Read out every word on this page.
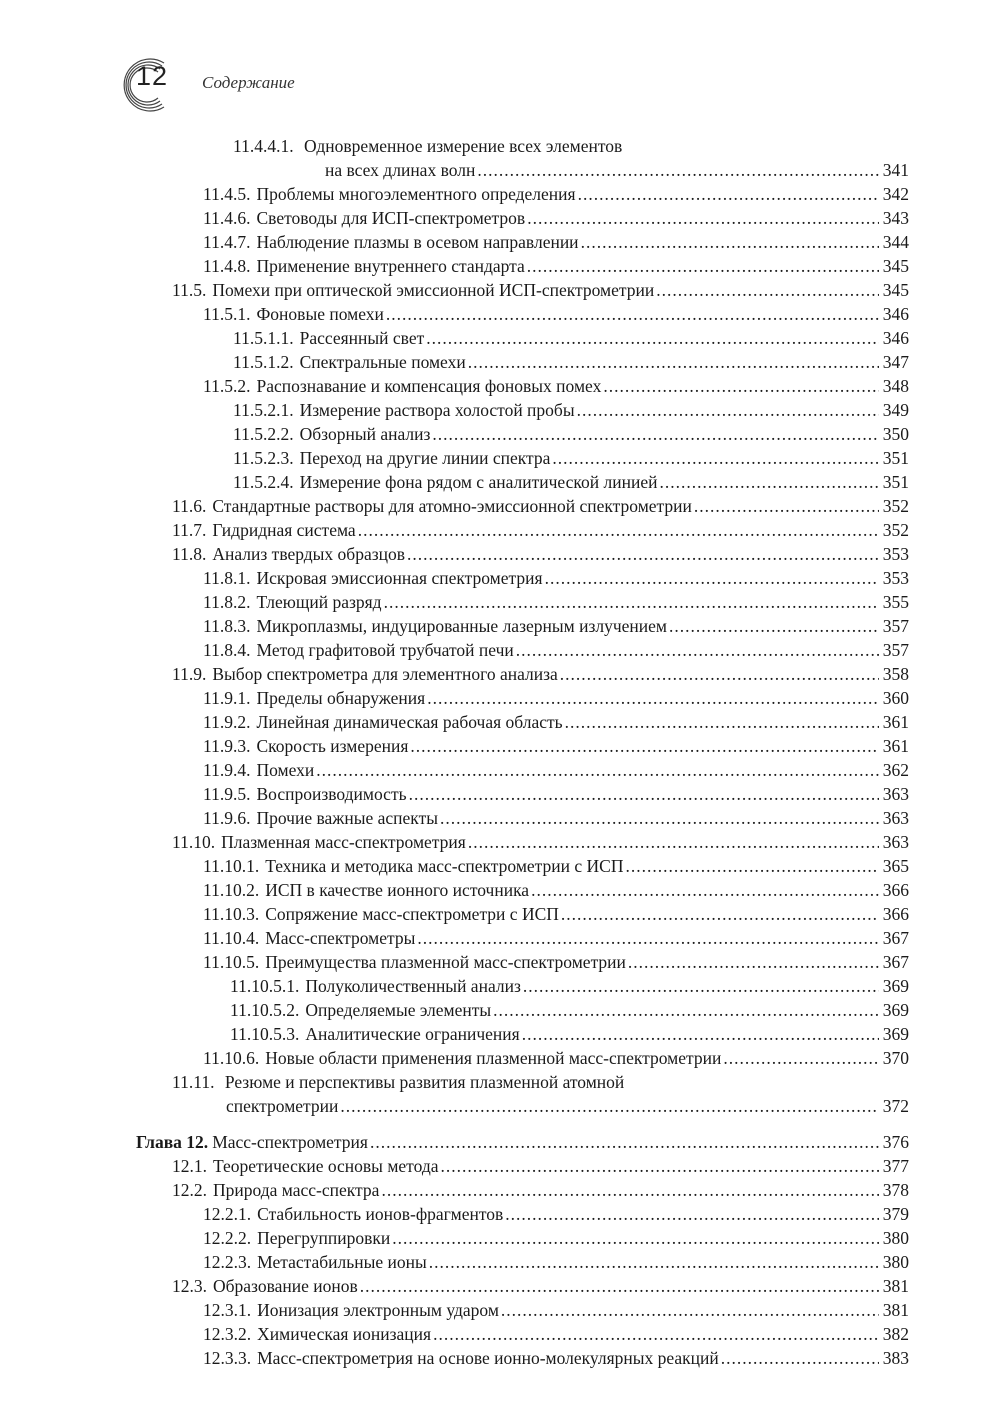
12 Содержание
11.4.4.1. Одновременное измерение всех элементов
на всех длинах волн .....	341
11.4.5. Проблемы многоэлементного определения .....	342
11.4.6. Световоды для ИСП-спектрометров .....	343
11.4.7. Наблюдение плазмы в осевом направлении .....	344
11.4.8. Применение внутреннего стандарта .....	345
11.5. Помехи при оптической эмиссионной ИСП-спектрометрии .....	345
11.5.1. Фоновые помехи .....	346
11.5.1.1. Рассеянный свет .....	346
11.5.1.2. Спектральные помехи .....	347
11.5.2. Распознавание и компенсация фоновых помех .....	348
11.5.2.1. Измерение раствора холостой пробы .....	349
11.5.2.2. Обзорный анализ .....	350
11.5.2.3. Переход на другие линии спектра .....	351
11.5.2.4. Измерение фона рядом с аналитической линией .....	351
11.6. Стандартные растворы для атомно-эмиссионной спектрометрии .....	352
11.7. Гидридная система .....	352
11.8. Анализ твердых образцов .....	353
11.8.1. Искровая эмиссионная спектрометрия .....	353
11.8.2. Тлеющий разряд .....	355
11.8.3. Микроплазмы, индуцированные лазерным излучением .....	357
11.8.4. Метод графитовой трубчатой печи .....	357
11.9. Выбор спектрометра для элементного анализа .....	358
11.9.1. Пределы обнаружения .....	360
11.9.2. Линейная динамическая рабочая область .....	361
11.9.3. Скорость измерения .....	361
11.9.4. Помехи .....	362
11.9.5. Воспроизводимость .....	363
11.9.6. Прочие важные аспекты .....	363
11.10. Плазменная масс-спектрометрия .....	363
11.10.1. Техника и методика масс-спектрометрии с ИСП .....	365
11.10.2. ИСП в качестве ионного источника .....	366
11.10.3. Сопряжение масс-спектрометри с ИСП .....	366
11.10.4. Масс-спектрометры .....	367
11.10.5. Преимущества плазменной масс-спектрометрии .....	367
11.10.5.1. Полуколичественный анализ .....	369
11.10.5.2. Определяемые элементы .....	369
11.10.5.3. Аналитические ограничения .....	369
11.10.6. Новые области применения плазменной масс-спектрометрии .....	370
11.11. Резюме и перспективы развития плазменной атомной
спектрометрии .....	372
Глава 12. Масс-спектрометрия .....	376
12.1. Теоретические основы метода .....	377
12.2. Природа масс-спектра .....	378
12.2.1. Стабильность ионов-фрагментов .....	379
12.2.2. Перегруппировки .....	380
12.2.3. Метастабильные ионы .....	380
12.3. Образование ионов .....	381
12.3.1. Ионизация электронным ударом .....	381
12.3.2. Химическая ионизация .....	382
12.3.3. Масс-спектрометрия на основе ионно-молекулярных реакций .....	383
